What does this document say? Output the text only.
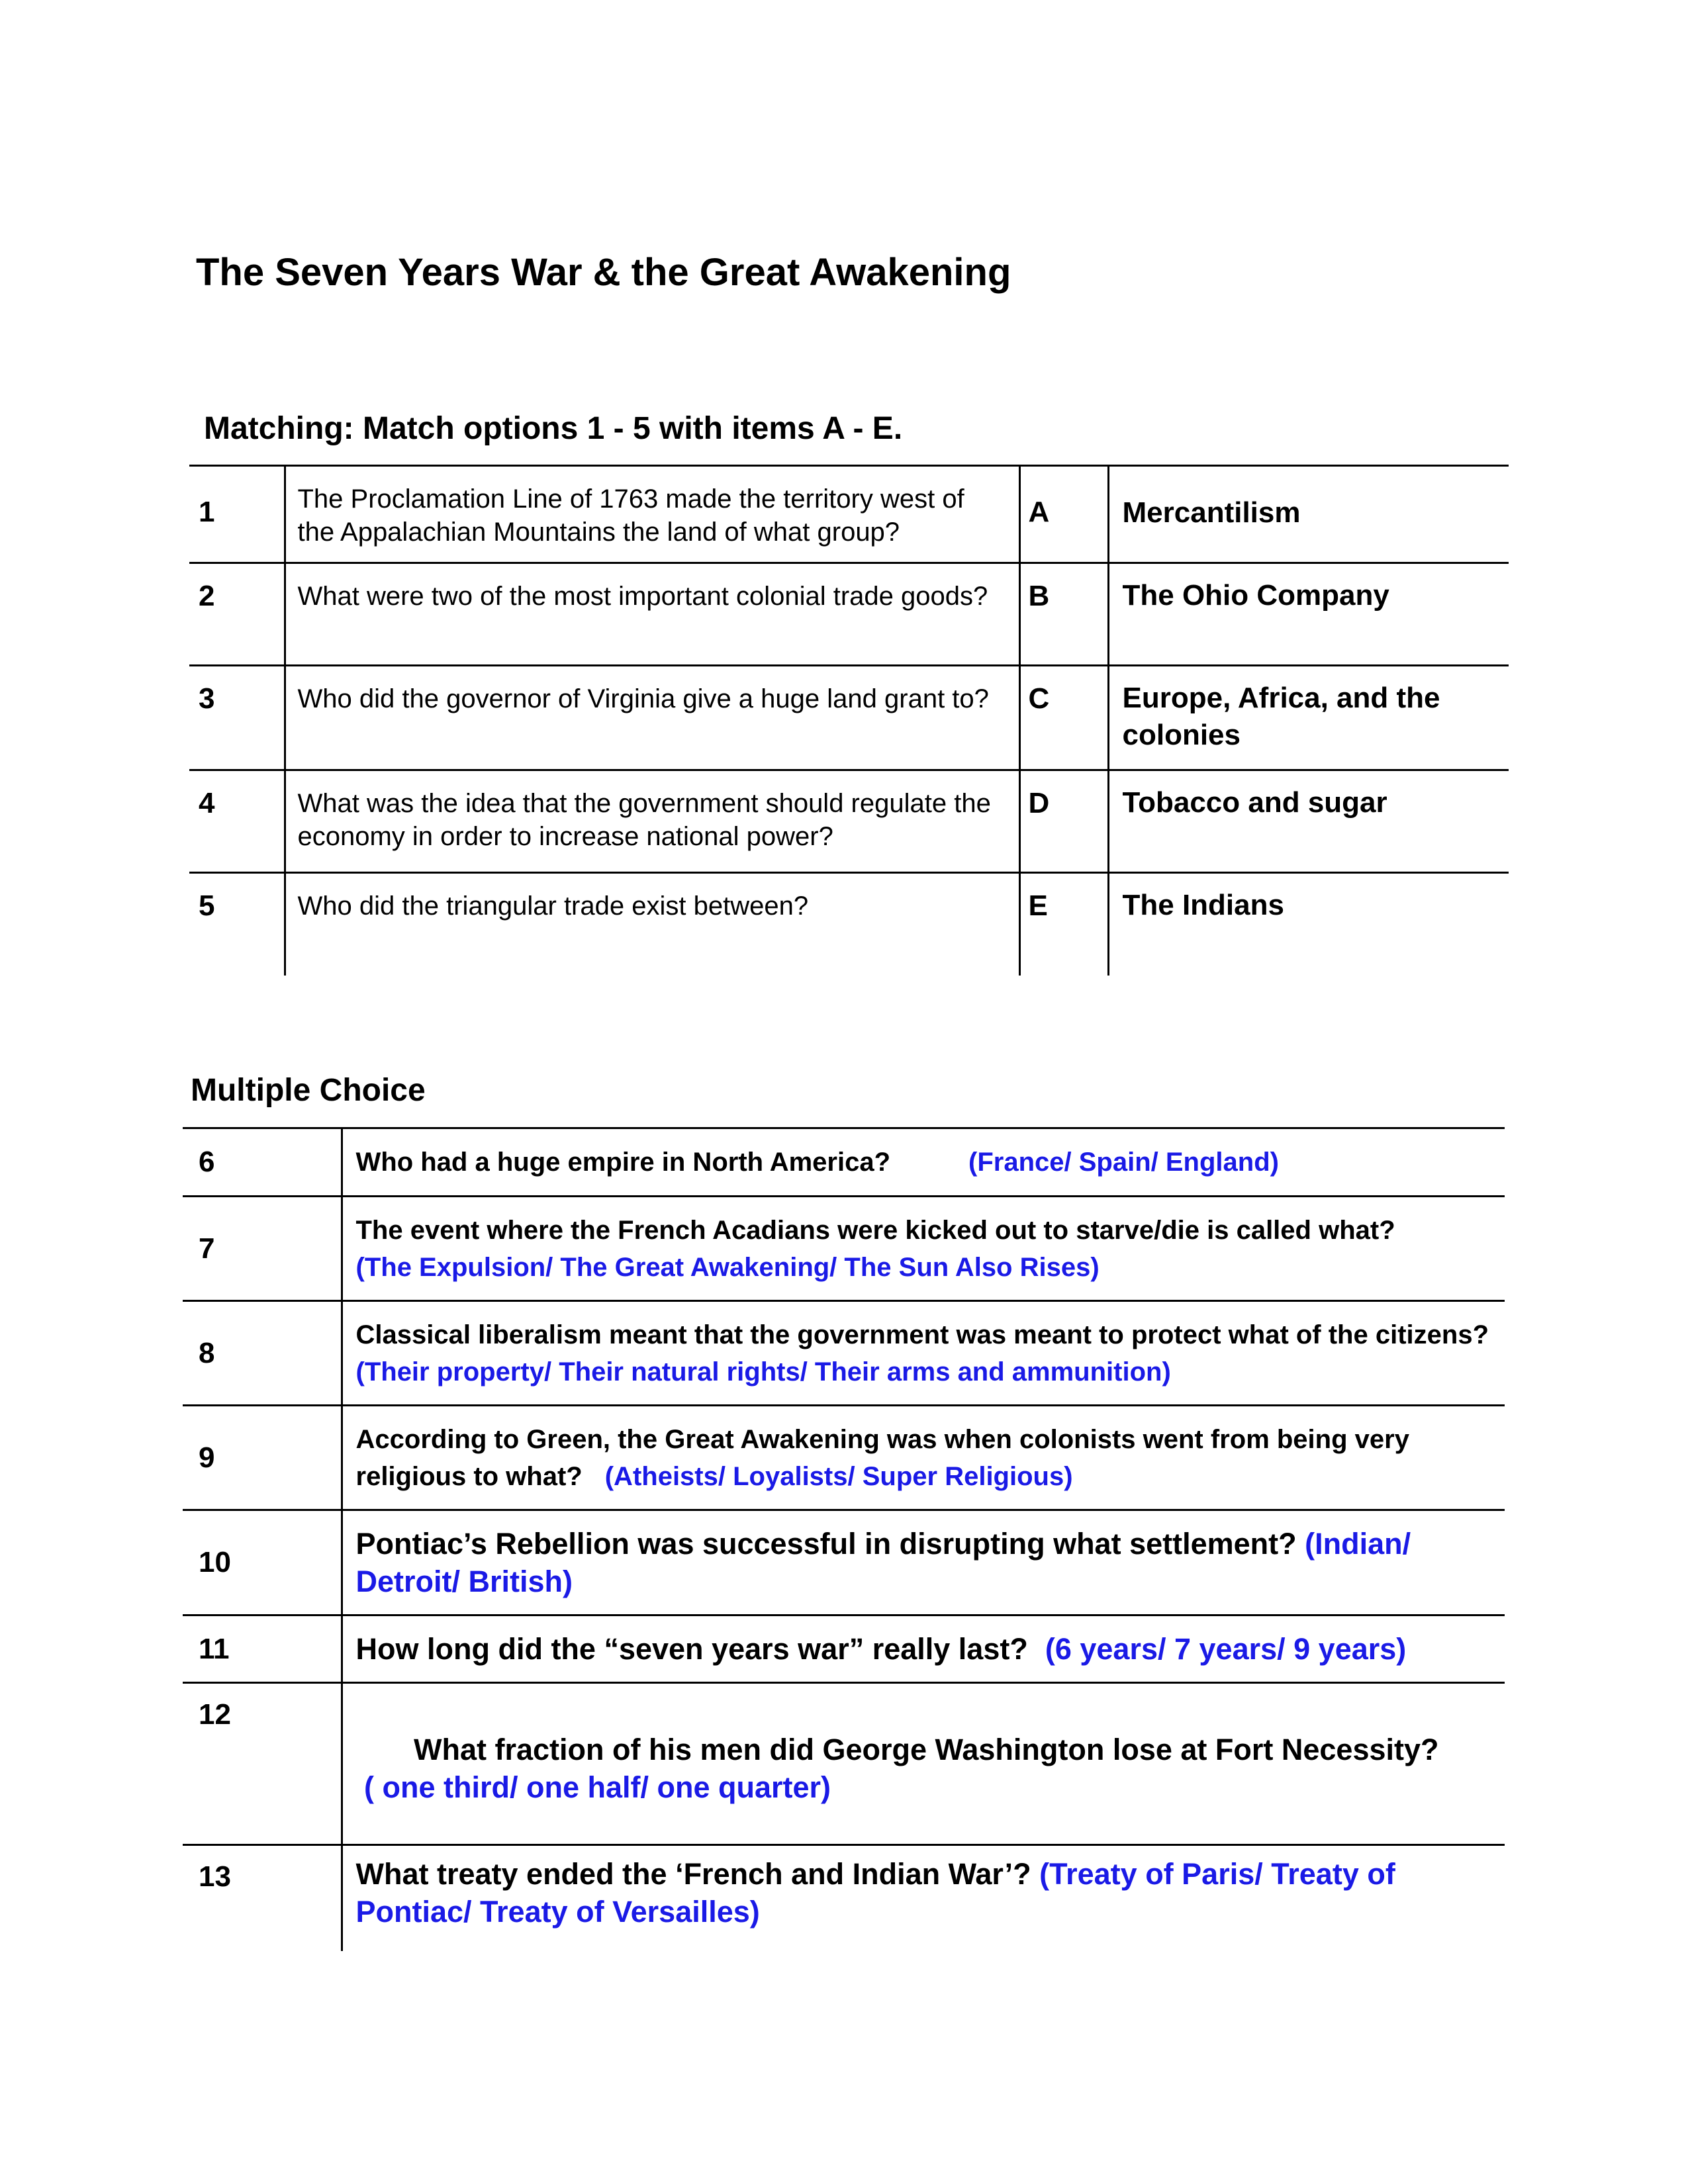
The Seven Years War & the Great Awakening
Matching: Match options 1 - 5 with items A - E.
1	The Proclamation Line of 1763 made the territory west of the Appalachian Mountains the land of what group?	A	Mercantilism
2	What were two of the most important colonial trade goods?	B	The Ohio Company
3	Who did the governor of Virginia give a huge land grant to?	C	Europe, Africa, and the colonies
4	What was the idea that the government should regulate the economy in order to increase national power?	D	Tobacco and sugar
5	Who did the triangular trade exist between?	E	The Indians
Multiple Choice
6	Who had a huge empire in North America? (France/ Spain/ England)
7	The event where the French Acadians were kicked out to starve/die is called what?
(The Expulsion/ The Great Awakening/ The Sun Also Rises)
8	Classical liberalism meant that the government was meant to protect what of the citizens? (Their property/ Their natural rights/ Their arms and ammunition)
9	According to Green, the Great Awakening was when colonists went from being very religious to what? (Atheists/ Loyalists/ Super Religious)
10	Pontiac’s Rebellion was successful in disrupting what settlement? (Indian/ Detroit/ British)
11	How long did the “seven years war” really last? (6 years/ 7 years/ 9 years)
12	What fraction of his men did George Washington lose at Fort Necessity?
( one third/ one half/ one quarter)

13	What treaty ended the ‘French and Indian War’? (Treaty of Paris/ Treaty of Pontiac/ Treaty of Versailles)
